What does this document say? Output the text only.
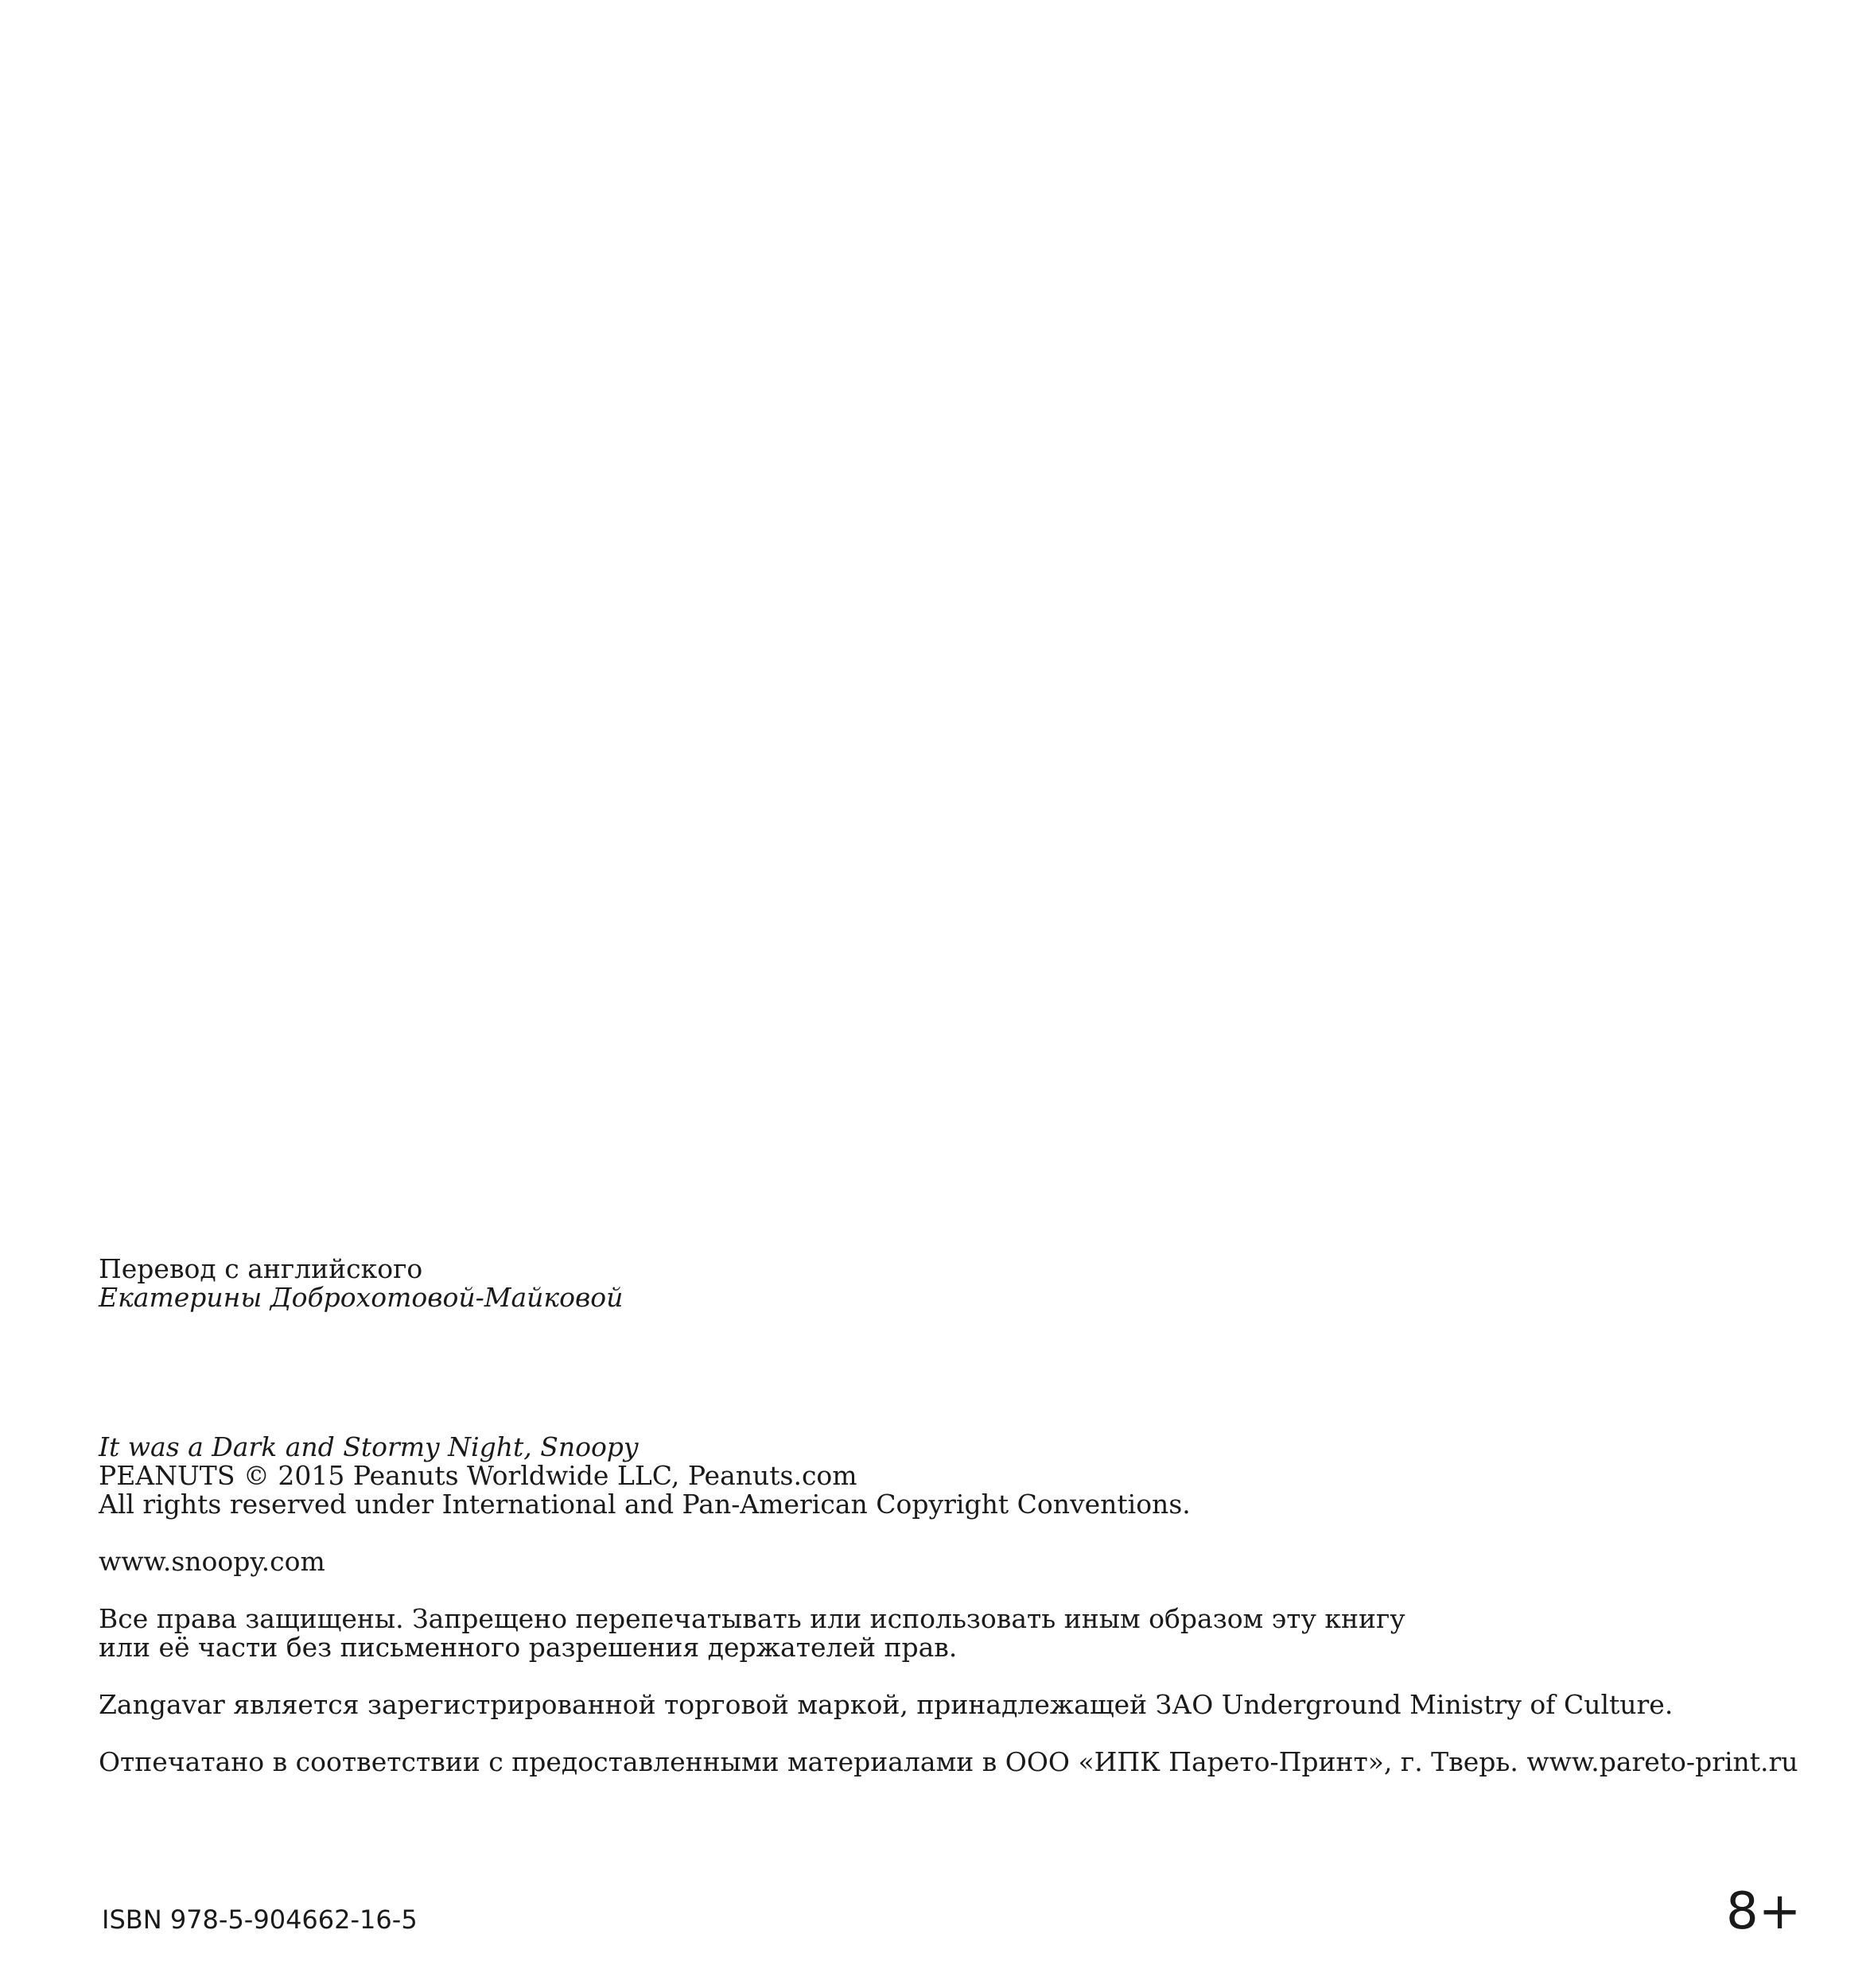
Перевод с английского
Екатерины Доброхотовой-Майковой
It was a Dark and Stormy Night, Snoopy
PEANUTS © 2015 Peanuts Worldwide LLC, Peanuts.com
All rights reserved under International and Pan-American Copyright Conventions.
www.snoopy.com
Все права защищены. Запрещено перепечатывать или использовать иным образом эту книгу
или её части без письменного разрешения держателей прав.
Zangavar является зарегистрированной торговой маркой, принадлежащей ЗАО Underground Ministry of Culture.
Отпечатано в соответствии с предоставленными материалами в ООО «ИПК Парето-Принт», г. Тверь. www.pareto-print.ru
ISBN 978-5-904662-16-5	8+
